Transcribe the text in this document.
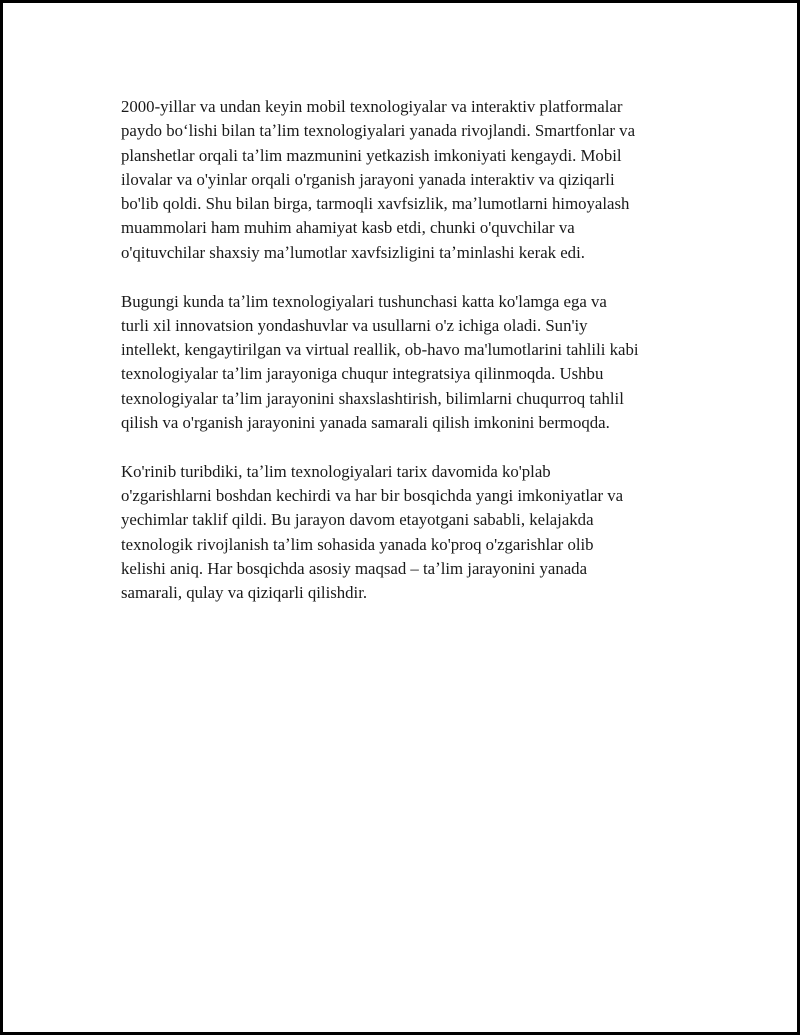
2000-yillar va undan keyin mobil texnologiyalar va interaktiv platformalar
paydo boʻlishi bilan taʼlim texnologiyalari yanada rivojlandi. Smartfonlar va
planshetlar orqali taʼlim mazmunini yetkazish imkoniyati kengaydi. Mobil
ilovalar va o'yinlar orqali o'rganish jarayoni yanada interaktiv va qiziqarli
bo'lib qoldi. Shu bilan birga, tarmoqli xavfsizlik, maʼlumotlarni himoyalash
muammolari ham muhim ahamiyat kasb etdi, chunki o'quvchilar va
o'qituvchilar shaxsiy maʼlumotlar xavfsizligini taʼminlashi kerak edi.

Bugungi kunda taʼlim texnologiyalari tushunchasi katta ko'lamga ega va
turli xil innovatsion yondashuvlar va usullarni o'z ichiga oladi. Sun'iy
intellekt, kengaytirilgan va virtual reallik, ob-havo ma'lumotlarini tahlili kabi
texnologiyalar taʼlim jarayoniga chuqur integratsiya qilinmoqda. Ushbu
texnologiyalar taʼlim jarayonini shaxslashtirish, bilimlarni chuqurroq tahlil
qilish va o'rganish jarayonini yanada samarali qilish imkonini bermoqda.

Ko'rinib turibdiki, taʼlim texnologiyalari tarix davomida ko'plab
o'zgarishlarni boshdan kechirdi va har bir bosqichda yangi imkoniyatlar va
yechimlar taklif qildi. Bu jarayon davom etayotgani sababli, kelajakda
texnologik rivojlanish taʼlim sohasida yanada ko'proq o'zgarishlar olib
kelishi aniq. Har bosqichda asosiy maqsad – taʼlim jarayonini yanada
samarali, qulay va qiziqarli qilishdir.
